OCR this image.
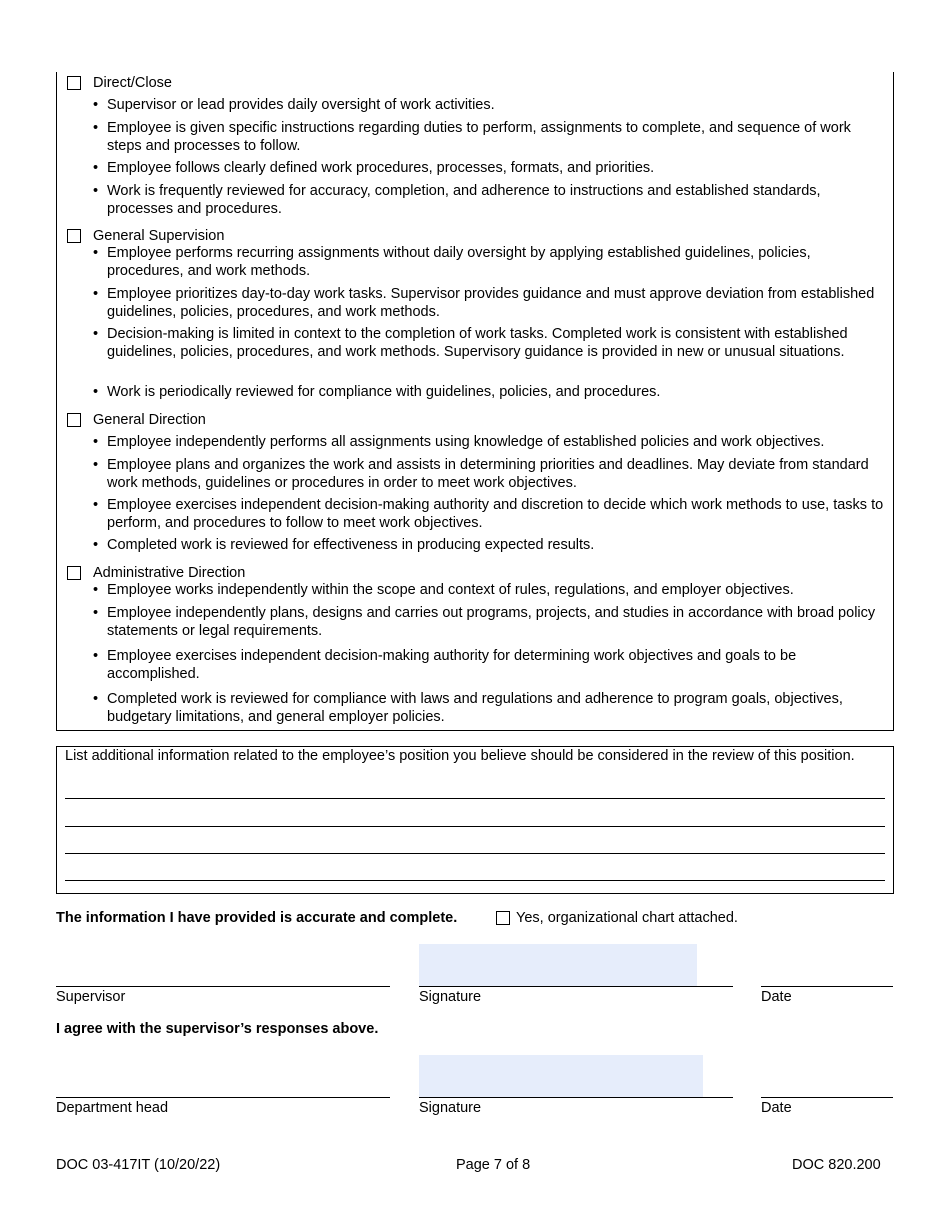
Direct/Close
• Supervisor or lead provides daily oversight of work activities.
• Employee is given specific instructions regarding duties to perform, assignments to complete, and sequence of work steps and processes to follow.
• Employee follows clearly defined work procedures, processes, formats, and priorities.
• Work is frequently reviewed for accuracy, completion, and adherence to instructions and established standards, processes and procedures.
General Supervision
• Employee performs recurring assignments without daily oversight by applying established guidelines, policies, procedures, and work methods.
• Employee prioritizes day-to-day work tasks. Supervisor provides guidance and must approve deviation from established guidelines, policies, procedures, and work methods.
• Decision-making is limited in context to the completion of work tasks. Completed work is consistent with established guidelines, policies, procedures, and work methods. Supervisory guidance is provided in new or unusual situations.
• Work is periodically reviewed for compliance with guidelines, policies, and procedures.
General Direction
• Employee independently performs all assignments using knowledge of established policies and work objectives.
• Employee plans and organizes the work and assists in determining priorities and deadlines. May deviate from standard work methods, guidelines or procedures in order to meet work objectives.
• Employee exercises independent decision-making authority and discretion to decide which work methods to use, tasks to perform, and procedures to follow to meet work objectives.
• Completed work is reviewed for effectiveness in producing expected results.
Administrative Direction
• Employee works independently within the scope and context of rules, regulations, and employer objectives.
• Employee independently plans, designs and carries out programs, projects, and studies in accordance with broad policy statements or legal requirements.
• Employee exercises independent decision-making authority for determining work objectives and goals to be accomplished.
• Completed work is reviewed for compliance with laws and regulations and adherence to program goals, objectives, budgetary limitations, and general employer policies.
List additional information related to the employee’s position you believe should be considered in the review of this position.
The information I have provided is accurate and complete.	Yes, organizational chart attached.
Supervisor	Signature	Date
I agree with the supervisor’s responses above.
Department head	Signature	Date
DOC 03-417IT (10/20/22)	Page 7 of 8	DOC 820.200
